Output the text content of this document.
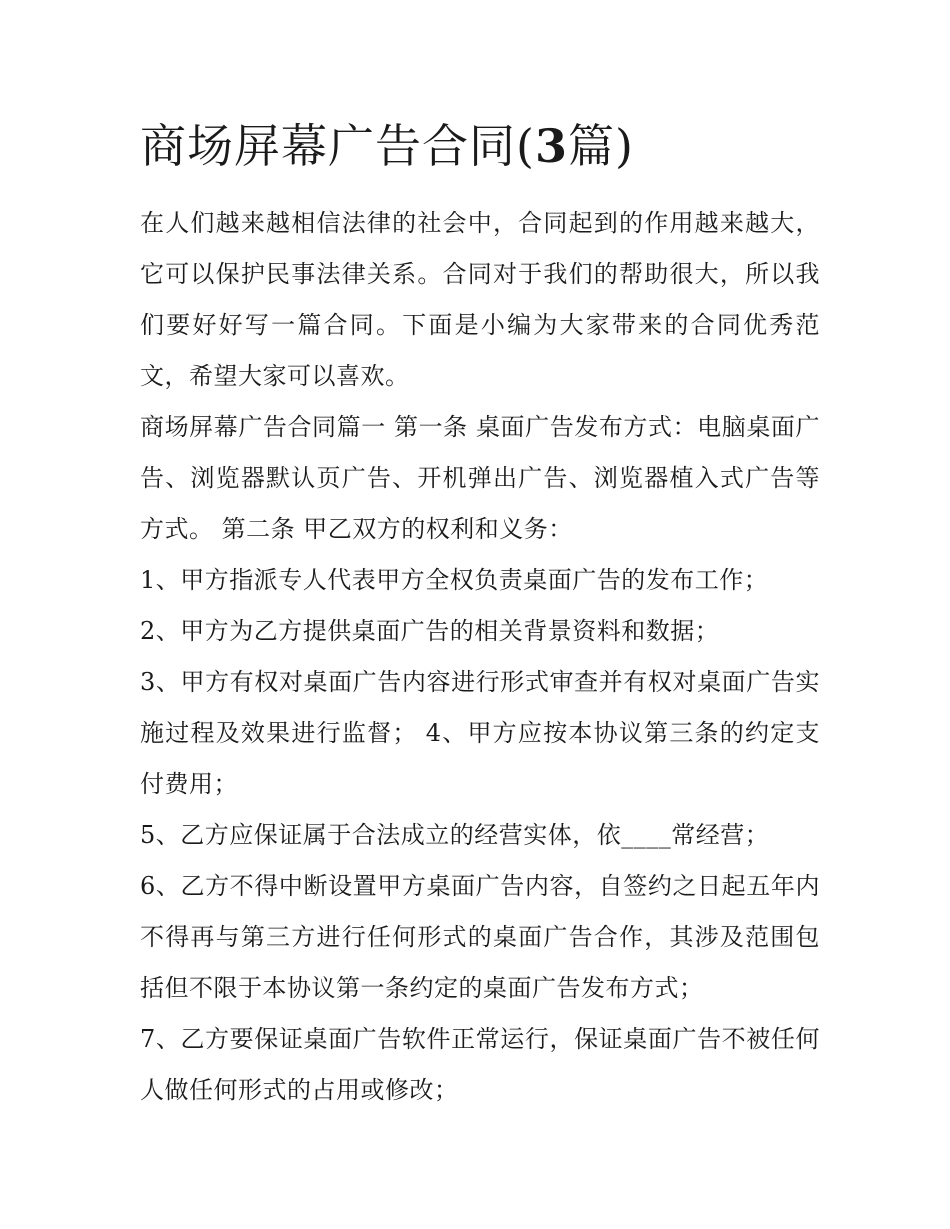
商场屏幕广告合同(3篇)

在人们越来越相信法律的社会中，合同起到的作用越来越大，它可以保护民事法律关系。合同对于我们的帮助很大，所以我们要好好写一篇合同。下面是小编为大家带来的合同优秀范文，希望大家可以喜欢。

商场屏幕广告合同篇一 第一条 桌面广告发布方式：电脑桌面广告、浏览器默认页广告、开机弹出广告、浏览器植入式广告等方式。 第二条 甲乙双方的权利和义务：

1、甲方指派专人代表甲方全权负责桌面广告的发布工作；

2、甲方为乙方提供桌面广告的相关背景资料和数据；

3、甲方有权对桌面广告内容进行形式审查并有权对桌面广告实施过程及效果进行监督； 4、甲方应按本协议第三条的约定支付费用；

5、乙方应保证属于合法成立的经营实体，依____常经营；

6、乙方不得中断设置甲方桌面广告内容，自签约之日起五年内不得再与第三方进行任何形式的桌面广告合作，其涉及范围包括但不限于本协议第一条约定的桌面广告发布方式；

7、乙方要保证桌面广告软件正常运行，保证桌面广告不被任何人做任何形式的占用或修改；
